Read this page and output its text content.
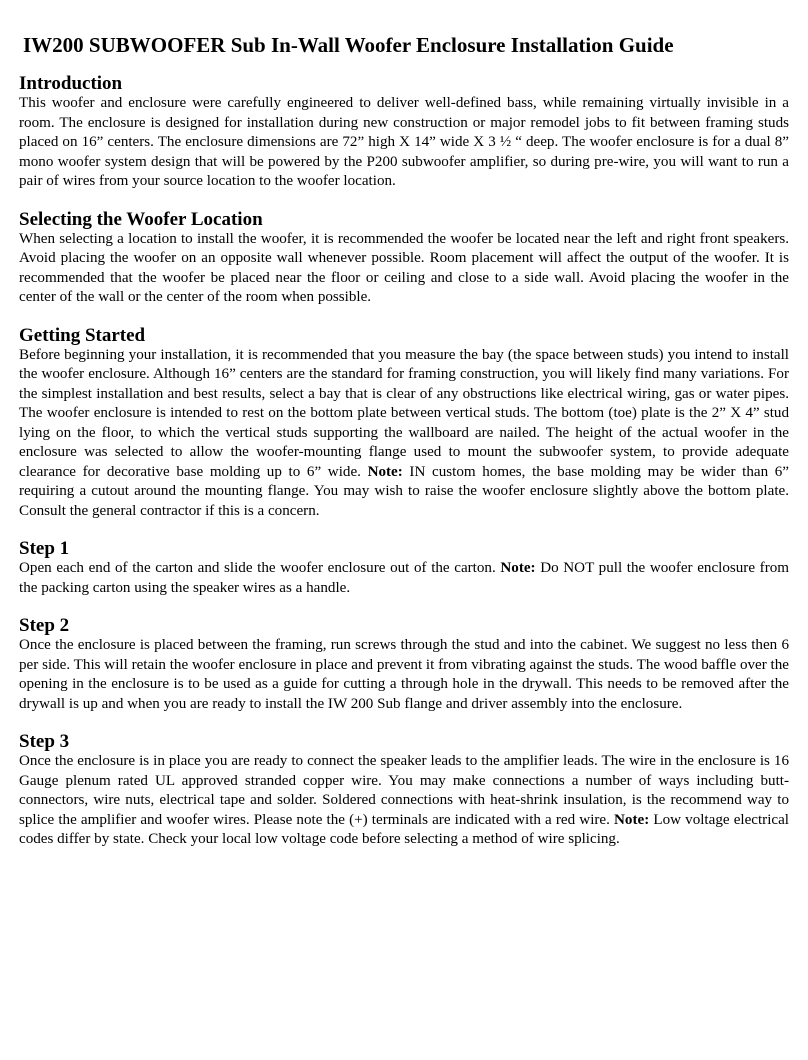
IW200 SUBWOOFER Sub In-Wall Woofer Enclosure Installation Guide
Introduction

This woofer and enclosure were carefully engineered to deliver well-defined bass, while remaining virtually invisible in a room. The enclosure is designed for installation during new construction or major remodel jobs to fit between framing studs placed on 16” centers. The enclosure dimensions are 72” high X 14” wide X 3 ½ “ deep. The woofer enclosure is for a dual 8” mono woofer system design that will be powered by the P200 subwoofer amplifier, so during pre-wire, you will want to run a pair of wires from your source location to the woofer location.

Selecting the Woofer Location

When selecting a location to install the woofer, it is recommended the woofer be located near the left and right front speakers. Avoid placing the woofer on an opposite wall whenever possible. Room placement will affect the output of the woofer. It is recommended that the woofer be placed near the floor or ceiling and close to a side wall. Avoid placing the woofer in the center of the wall or the center of the room when possible.

Getting Started

Before beginning your installation, it is recommended that you measure the bay (the space between studs) you intend to install the woofer enclosure. Although 16” centers are the standard for framing construction, you will likely find many variations. For the simplest installation and best results, select a bay that is clear of any obstructions like electrical wiring, gas or water pipes. The woofer enclosure is intended to rest on the bottom plate between vertical studs. The bottom (toe) plate is the 2” X 4” stud lying on the floor, to which the vertical studs supporting the wallboard are nailed. The height of the actual woofer in the enclosure was selected to allow the woofer-mounting flange used to mount the subwoofer system, to provide adequate clearance for decorative base molding up to 6” wide. Note: IN custom homes, the base molding may be wider than 6” requiring a cutout around the mounting flange. You may wish to raise the woofer enclosure slightly above the bottom plate. Consult the general contractor if this is a concern.

Step 1

Open each end of the carton and slide the woofer enclosure out of the carton. Note: Do NOT pull the woofer enclosure from the packing carton using the speaker wires as a handle.

Step 2

Once the enclosure is placed between the framing, run screws through the stud and into the cabinet. We suggest no less then 6 per side. This will retain the woofer enclosure in place and prevent it from vibrating against the studs. The wood baffle over the opening in the enclosure is to be used as a guide for cutting a through hole in the drywall. This needs to be removed after the drywall is up and when you are ready to install the IW 200 Sub flange and driver assembly into the enclosure.

Step 3

Once the enclosure is in place you are ready to connect the speaker leads to the amplifier leads. The wire in the enclosure is 16 Gauge plenum rated UL approved stranded copper wire. You may make connections a number of ways including butt-connectors, wire nuts, electrical tape and solder. Soldered connections with heat-shrink insulation, is the recommend way to splice the amplifier and woofer wires. Please note the (+) terminals are indicated with a red wire. Note: Low voltage electrical codes differ by state. Check your local low voltage code before selecting a method of wire splicing.
